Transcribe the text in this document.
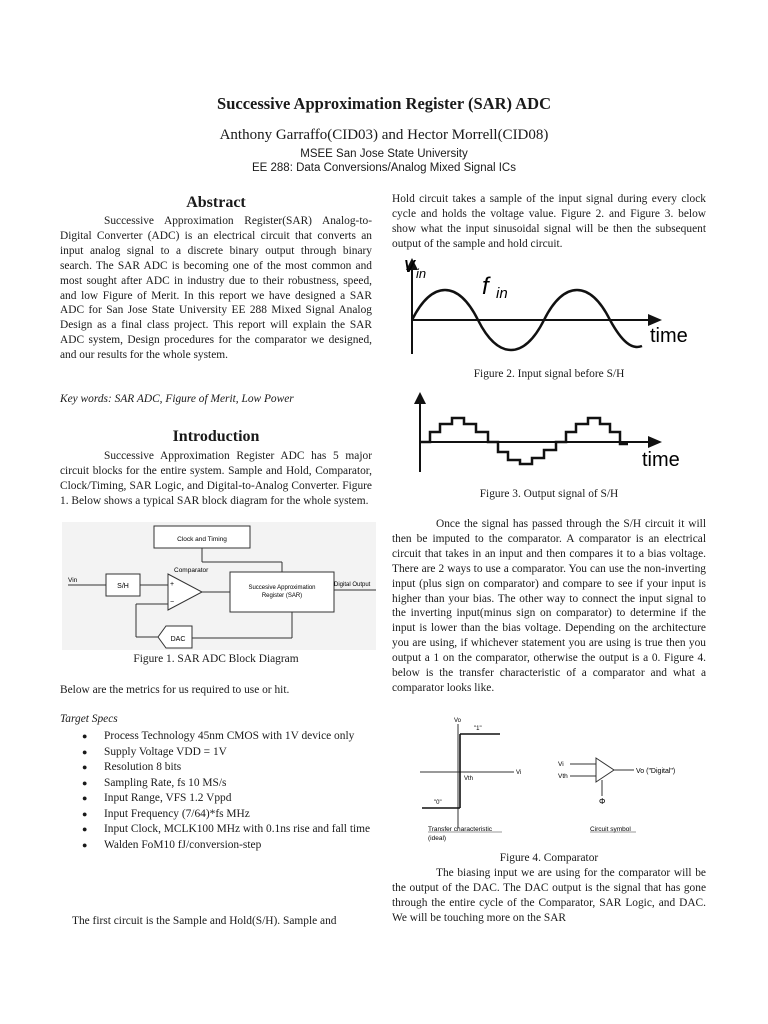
Successive Approximation Register (SAR) ADC
Anthony Garraffo(CID03) and Hector Morrell(CID08)
MSEE San Jose State University
EE 288: Data Conversions/Analog Mixed Signal ICs
Abstract
Successive Approximation Register(SAR) Analog-to-Digital Converter (ADC) is an electrical circuit that converts an input analog signal to a discrete binary output through binary search. The SAR ADC is becoming one of the most common and most sought after ADC in industry due to their robustness, speed, and low Figure of Merit. In this report we have designed a SAR ADC for San Jose State University EE 288 Mixed Signal Analog Design as a final class project. This report will explain the SAR ADC system, Design procedures for the comparator we designed, and our results for the whole system.
Key words: SAR ADC, Figure of Merit, Low Power
Introduction
Successive Approximation Register ADC has 5 major circuit blocks for the entire system. Sample and Hold, Comparator, Clock/Timing, SAR Logic, and Digital-to-Analog Converter. Figure 1. Below shows a typical SAR block diagram for the whole system.
Clock and Timing
Comparator
Vin
S/H	+
−
Succesive Approximation
Register (SAR)
Digital Output
DAC
Figure 1. SAR ADC Block Diagram
Below are the metrics for us required to use or hit.
Target Specs
● Process Technology 45nm CMOS with 1V device only
● Supply Voltage VDD = 1V
● Resolution 8 bits
● Sampling Rate, fs 10 MS/s
● Input Range, VFS 1.2 Vppd
● Input Frequency (7/64)*fs MHz
● Input Clock, MCLK100 MHz with 0.1ns rise and fall time
● Walden FoM10 fJ/conversion-step
The first circuit is the Sample and Hold(S/H). Sample and
Hold circuit takes a sample of the input signal during every clock cycle and holds the voltage value. Figure 2. and Figure 3. below show what the input sinusoidal signal will be then the subsequent output of the sample and hold circuit.
v in f in
time
Figure 2. Input signal before S/H
time
Figure 3. Output signal of S/H
Once the signal has passed through the S/H circuit it will then be imputed to the comparator. A comparator is an electrical circuit that takes in an input and then compares it to a bias voltage. There are 2 ways to use a comparator. You can use the non-inverting input (plus sign on comparator) and compare to see if your input is higher than your bias. The other way to connect the input signal to the inverting input(minus sign on comparator) to determine if the input is lower than the bias voltage. Depending on the architecture you are using, if whichever statement you are using is true then you output a 1 on the comparator, otherwise the output is a 0. Figure 4. below is the transfer characteristic of a comparator and what a comparator looks like.
Vo
Vi
"1"
"0"
Vth
Transfer characteristic
(ideal)
Vi
Vth
Φ
Vo ("Digital")
Circuit symbol
Figure 4. Comparator
The biasing input we are using for the comparator will be the output of the DAC. The DAC output is the signal that has gone through the entire cycle of the Comparator, SAR Logic, and DAC. We will be touching more on the SAR
